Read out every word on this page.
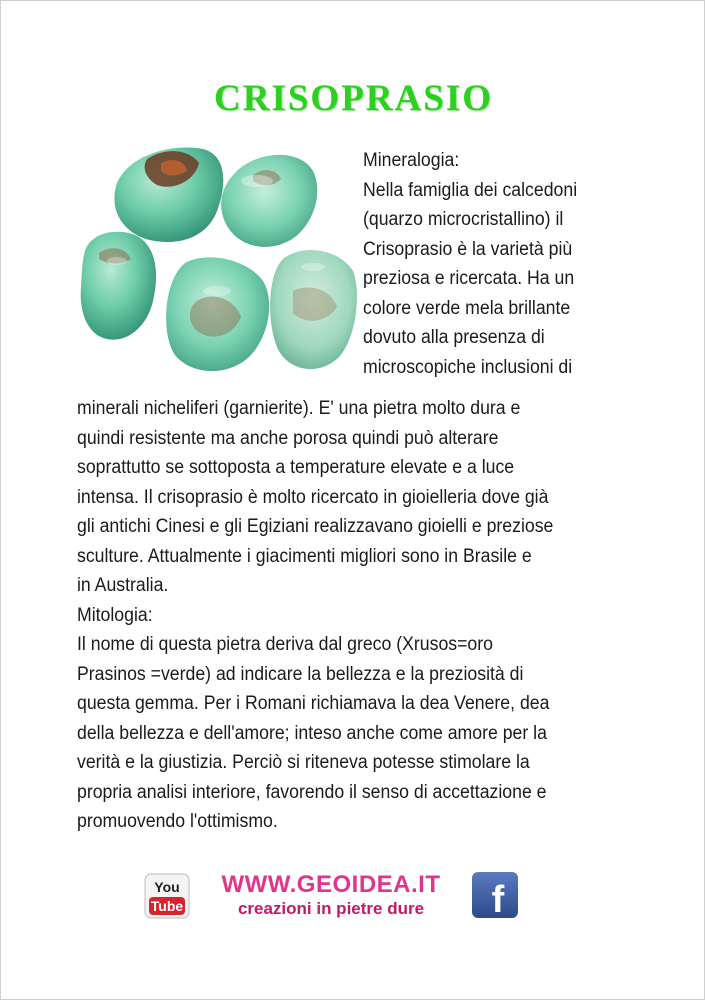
CRISOPRASIO
Mineralogia:
Nella famiglia dei calcedoni
(quarzo microcristallino) il
Crisoprasio è la varietà più
preziosa e ricercata. Ha un
colore verde mela brillante
dovuto alla presenza di
microscopiche inclusioni di
minerali nicheliferi (garnierite). E' una pietra molto dura e
quindi resistente ma anche porosa quindi può alterare
soprattutto se sottoposta a temperature elevate e a luce
intensa. Il crisoprasio è molto ricercato in gioielleria dove già
gli antichi Cinesi e gli Egiziani realizzavano gioielli e preziose
sculture. Attualmente i giacimenti migliori sono in Brasile e
in Australia.
Mitologia:
Il nome di questa pietra deriva dal greco (Xrusos=oro
Prasinos =verde) ad indicare la bellezza e la preziosità di
questa gemma. Per i Romani richiamava la dea Venere, dea
della bellezza e dell'amore; inteso anche come amore per la
verità e la giustizia. Perciò si riteneva potesse stimolare la
propria analisi interiore, favorendo il senso di accettazione e
promuovendo l'ottimismo.
You
Tube
WWW.GEOIDEA.IT
creazioni in pietre dure	f
